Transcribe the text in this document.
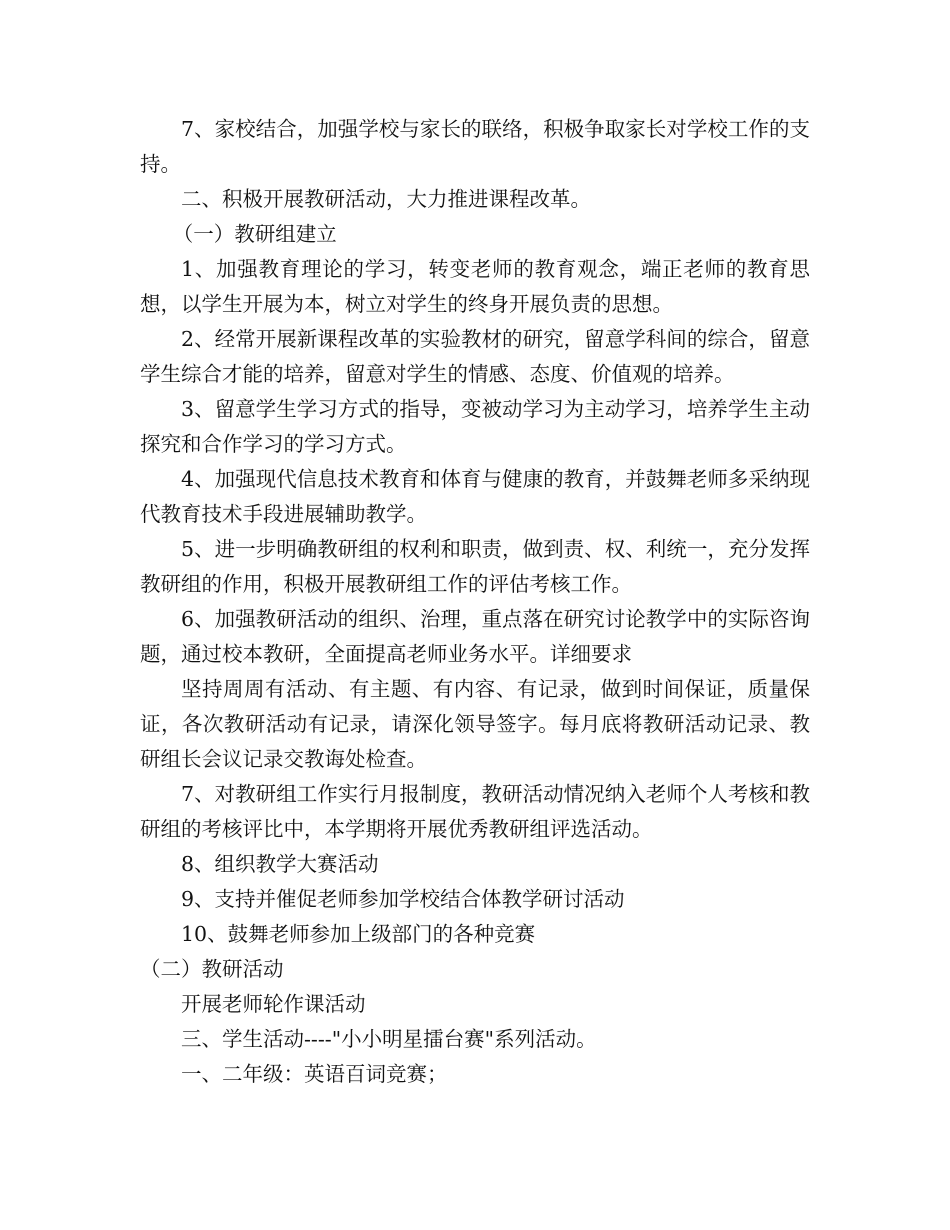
7、家校结合，加强学校与家长的联络，积极争取家长对学校工作的支持。

二、积极开展教研活动，大力推进课程改革。

（一）教研组建立

1、加强教育理论的学习，转变老师的教育观念，端正老师的教育思想，以学生开展为本，树立对学生的终身开展负责的思想。

2、经常开展新课程改革的实验教材的研究，留意学科间的综合，留意学生综合才能的培养，留意对学生的情感、态度、价值观的培养。

3、留意学生学习方式的指导，变被动学习为主动学习，培养学生主动探究和合作学习的学习方式。

4、加强现代信息技术教育和体育与健康的教育，并鼓舞老师多采纳现代教育技术手段进展辅助教学。

5、进一步明确教研组的权利和职责，做到责、权、利统一，充分发挥教研组的作用，积极开展教研组工作的评估考核工作。

6、加强教研活动的组织、治理，重点落在研究讨论教学中的实际咨询题，通过校本教研，全面提高老师业务水平。详细要求

坚持周周有活动、有主题、有内容、有记录，做到时间保证，质量保证，各次教研活动有记录，请深化领导签字。每月底将教研活动记录、教研组长会议记录交教诲处检查。

7、对教研组工作实行月报制度，教研活动情况纳入老师个人考核和教研组的考核评比中，本学期将开展优秀教研组评选活动。

8、组织教学大赛活动

9、支持并催促老师参加学校结合体教学研讨活动

10、鼓舞老师参加上级部门的各种竞赛

（二）教研活动

开展老师轮作课活动

三、学生活动----"小小明星擂台赛"系列活动。

一、二年级：英语百词竞赛；
